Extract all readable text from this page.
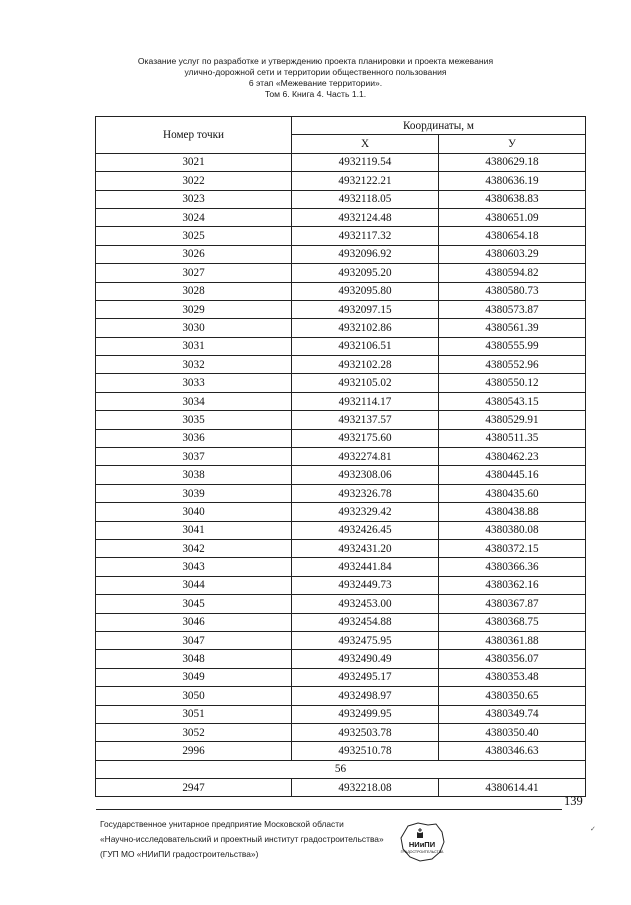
Оказание услуг по разработке и утверждению проекта планировки и проекта межевания
улично-дорожной сети и территории общественного пользования
6 этап «Межевание территории».
Том 6. Книга 4. Часть 1.1.
Номер точки	Координаты, м	
	Х	У
3021	4932119.54	4380629.18
3022	4932122.21	4380636.19
3023	4932118.05	4380638.83
3024	4932124.48	4380651.09
3025	4932117.32	4380654.18
3026	4932096.92	4380603.29
3027	4932095.20	4380594.82
3028	4932095.80	4380580.73
3029	4932097.15	4380573.87
3030	4932102.86	4380561.39
3031	4932106.51	4380555.99
3032	4932102.28	4380552.96
3033	4932105.02	4380550.12
3034	4932114.17	4380543.15
3035	4932137.57	4380529.91
3036	4932175.60	4380511.35
3037	4932274.81	4380462.23
3038	4932308.06	4380445.16
3039	4932326.78	4380435.60
3040	4932329.42	4380438.88
3041	4932426.45	4380380.08
3042	4932431.20	4380372.15
3043	4932441.84	4380366.36
3044	4932449.73	4380362.16
3045	4932453.00	4380367.87
3046	4932454.88	4380368.75
3047	4932475.95	4380361.88
3048	4932490.49	4380356.07
3049	4932495.17	4380353.48
3050	4932498.97	4380350.65
3051	4932499.95	4380349.74
3052	4932503.78	4380350.40
2996	4932510.78	4380346.63
56		
2947	4932218.08	4380614.41
139
Государственное унитарное предприятие Московской области
«Научно-исследовательский и проектный институт градостроительства»
(ГУП МО «НИиПИ градостроительства»)
НИиПИ
ГРАДОСТРОИТЕЛЬСТВА
✓
